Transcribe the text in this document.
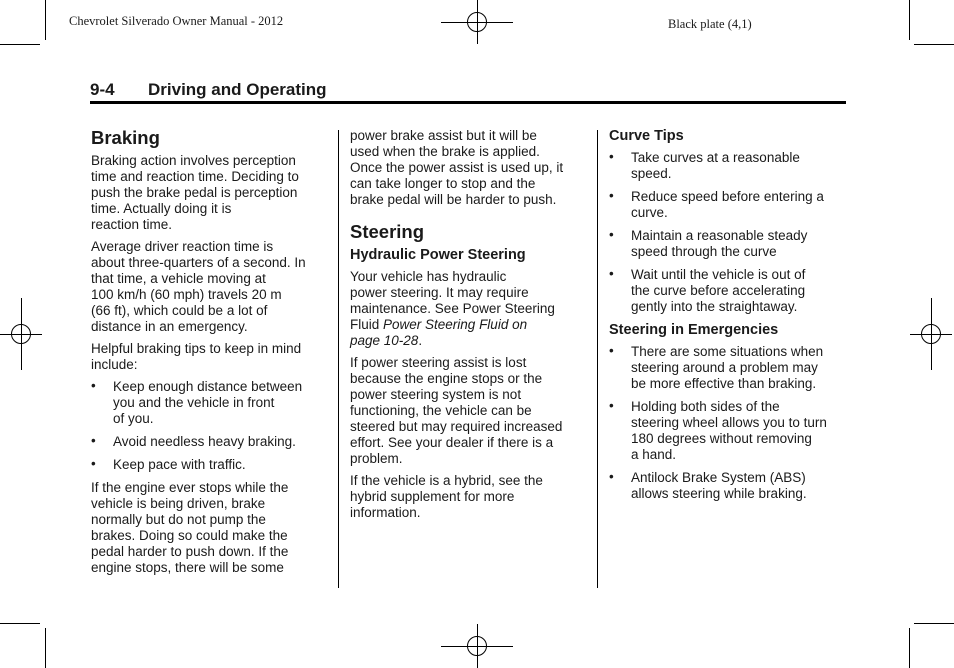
Chevrolet Silverado Owner Manual - 2012	Black plate (4,1)
9-4 Driving and Operating
Braking

Braking action involves perception
time and reaction time. Deciding to
push the brake pedal is perception
time. Actually doing it is
reaction time.

Average driver reaction time is
about three-quarters of a second. In
that time, a vehicle moving at
100 km/h (60 mph) travels 20 m
(66 ft), which could be a lot of
distance in an emergency.

Helpful braking tips to keep in mind
include:

• Keep enough distance between
you and the vehicle in front
of you.
• Avoid needless heavy braking.
• Keep pace with traffic.

If the engine ever stops while the
vehicle is being driven, brake
normally but do not pump the
brakes. Doing so could make the
pedal harder to push down. If the
engine stops, there will be some

power brake assist but it will be
used when the brake is applied.
Once the power assist is used up, it
can take longer to stop and the
brake pedal will be harder to push.

Steering
Hydraulic Power Steering

Your vehicle has hydraulic
power steering. It may require
maintenance. See Power Steering
Fluid Power Steering Fluid on
page 10-28.

If power steering assist is lost
because the engine stops or the
power steering system is not
functioning, the vehicle can be
steered but may required increased
effort. See your dealer if there is a
problem.

If the vehicle is a hybrid, see the
hybrid supplement for more
information.

Curve Tips
• Take curves at a reasonable
speed.
• Reduce speed before entering a
curve.
• Maintain a reasonable steady
speed through the curve
• Wait until the vehicle is out of
the curve before accelerating
gently into the straightaway.
Steering in Emergencies
• There are some situations when
steering around a problem may
be more effective than braking.
• Holding both sides of the
steering wheel allows you to turn
180 degrees without removing
a hand.
• Antilock Brake System (ABS)
allows steering while braking.
